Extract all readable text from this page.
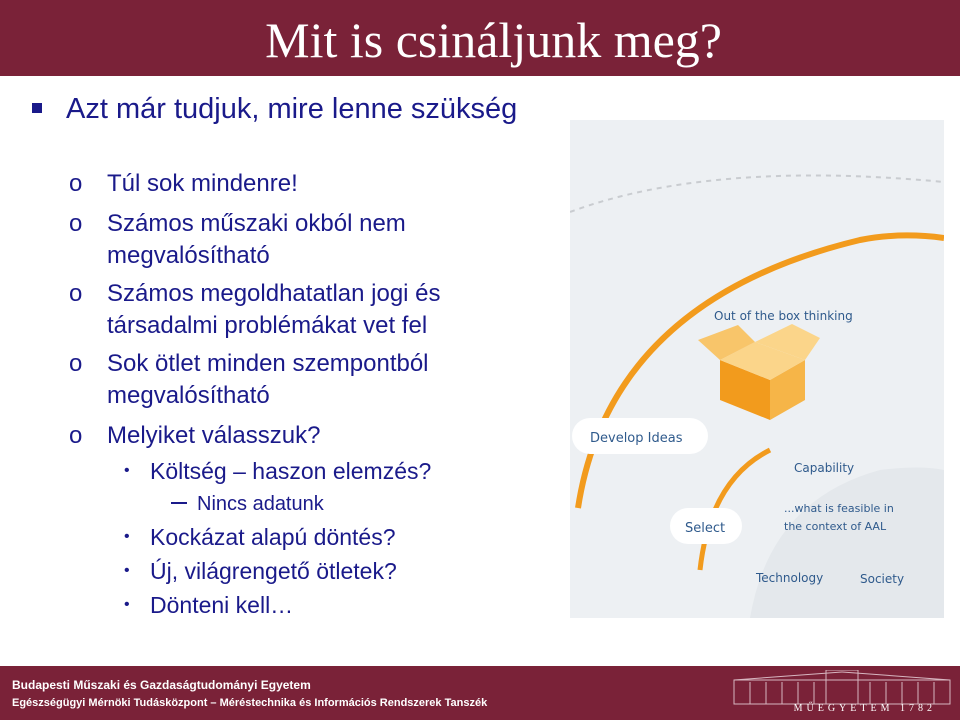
Mit is csináljunk meg?
Azt már tudjuk, mire lenne szükség
o Túl sok mindenre!
o Számos műszaki okból nem megvalósítható
o Számos megoldhatatlan jogi és társadalmi problémákat vet fel
o Sok ötlet minden szempontból megvalósítható
o Melyiket válasszuk?
• Költség – haszon elemzés?
Nincs adatunk
• Kockázat alapú döntés?
• Új, világrengető ötletek?
• Dönteni kell…
Out of the box thinking
Develop Ideas
Select
Capability
...what is feasible in the context of AAL
Technology	Society
Budapesti Műszaki és Gazdaságtudományi Egyetem
Egészségügyi Mérnöki Tudásközpont – Méréstechnika és Információs Rendszerek Tanszék	MŰEGYETEM 1782
